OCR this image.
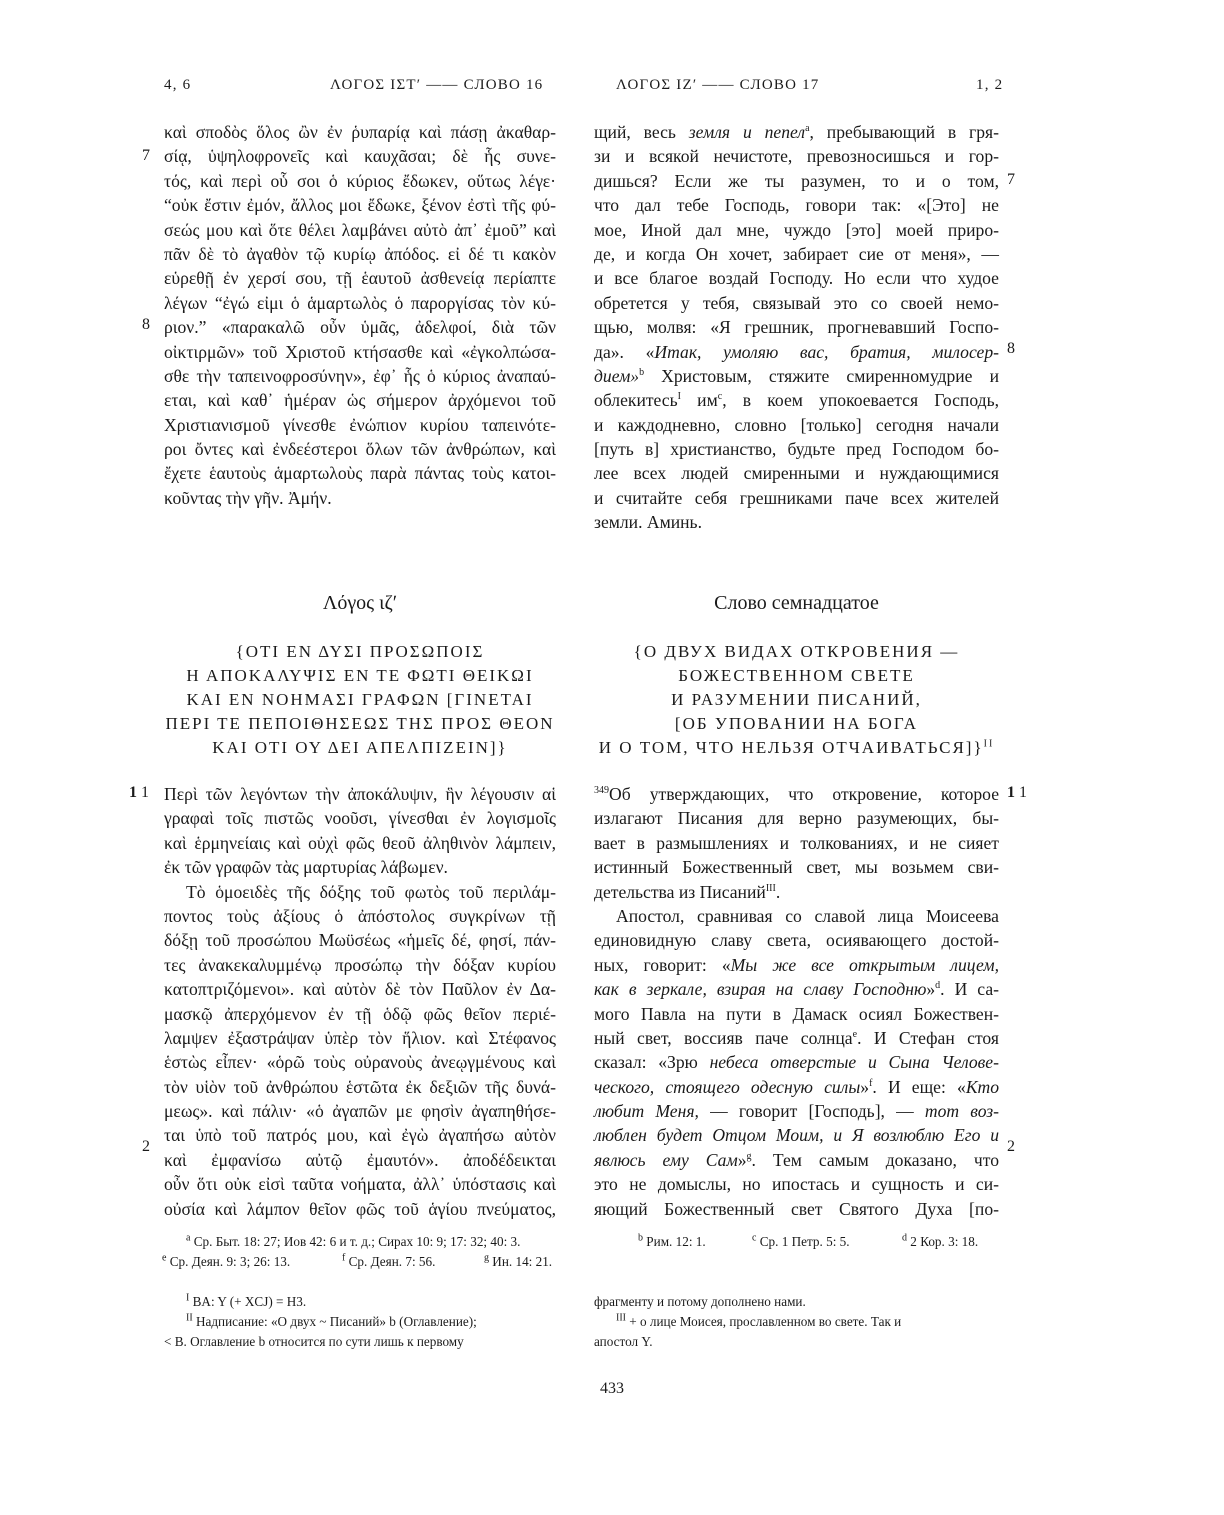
4, 6	ΛΟΓΟΣ ΙΣΤʹ —— СЛОВО 16	ΛΟΓΟΣ ΙΖʹ —— СЛОВО 17	1, 2
καὶ σποδὸς ὅλος ὢν ἐν ῥυπαρίᾳ καὶ πάσῃ ἀκαθαρ-
σίᾳ, ὑψηλοφρονεῖς καὶ καυχᾶσαι; δὲ ἧς συνε-
τός, καὶ περὶ οὗ σοι ὁ κύριος ἔδωκεν, οὕτως λέγε·
“οὐκ ἔστιν ἐμόν, ἄλλος μοι ἔδωκε, ξένον ἐστὶ τῆς φύ-
σεώς μου καὶ ὅτε θέλει λαμβάνει αὐτὸ ἀπ᾿ ἐμοῦ” καὶ
πᾶν δὲ τὸ ἀγαθὸν τῷ κυρίῳ ἀπόδος. εἰ δέ τι κακὸν
εὑρεθῇ ἐν χερσί σου, τῇ ἑαυτοῦ ἀσθενείᾳ περίαπτε
λέγων “ἐγώ εἰμι ὁ ἁμαρτωλὸς ὁ παροργίσας τὸν κύ-
ριον.” «παρακαλῶ οὖν ὑμᾶς, ἀδελφοί, διὰ τῶν
οἰκτιρμῶν» τοῦ Χριστοῦ κτήσασθε καὶ «ἐγκολπώσα-
σθε τὴν ταπεινοφροσύνην», ἐφ᾿ ἧς ὁ κύριος ἀναπαύ-
εται, καὶ καθ᾿ ἡμέραν ὡς σήμερον ἀρχόμενοι τοῦ
Χριστιανισμοῦ γίνεσθε ἐνώπιον κυρίου ταπεινότε-
ροι ὄντες καὶ ἐνδεέστεροι ὅλων τῶν ἀνθρώπων, καὶ
ἔχετε ἑαυτοὺς ἁμαρτωλοὺς παρὰ πάντας τοὺς κατοι-
κοῦντας τὴν γῆν. Ἀμήν.
7
8
7
8
щий, весь земля и пепел$^a$, пребывающий в гря-
зи и всякой нечистоте, превозносишься и гор-
дишься? Если же ты разумен, то и о том,
что дал тебе Господь, говори так: «[Это] не
мое, Иной дал мне, чуждо [это] моей приро-
де, и когда Он хочет, забирает сие от меня», —
и все благое воздай Господу. Но если что худое
обретется у тебя, связывай это со своей немо-
щью, молвя: «Я грешник, прогневавший Госпо-
да». «Итак, умоляю вас, братия, милосер-
дием»$^b$ Христовым, стяжите смиренномудрие и
облекитесь$^I$ $им^c$, в коем упокоевается Господь,
и каждодневно, словно [только] сегодня начали
[путь в] христианство, будьте пред Господом бо-
лее всех людей смиренными и нуждающимися
и считайте себя грешниками паче всех жителей
земли. Аминь.
Λόγος ιζʹ	Слово семнадцатое
{ΟΤΙ ΕΝ ΔΥΣΙ ΠΡΟΣΩΠΟΙΣ
Η ΑΠΟΚΑΛΥΨΙΣ ΕΝ ΤΕ ΦΩΤΙ ΘΕΙΚΩΙ
ΚΑΙ ΕΝ ΝΟΗΜΑΣΙ ΓΡΑΦΩΝ [ΓΙΝΕΤΑΙ
ΠΕΡΙ ΤΕ ΠΕΠΟΙΘΗΣΕΩΣ ΤΗΣ ΠΡΟΣ ΘΕΟΝ
ΚΑΙ ΟΤΙ ΟΥ ΔΕΙ ΑΠΕΛΠΙΖΕΙΝ]}
{О ДВУХ ВИДАХ ОТКРОВЕНИЯ —
БОЖЕСТВЕННОМ СВЕТЕ
И РАЗУМЕНИИ ПИСАНИЙ,
[ОБ УПОВАНИИ НА БОГА
И О ТОМ, ЧТО НЕЛЬЗЯ ОТЧАИВАТЬСЯ]}$^{II}$
1 1	1 1
2	2
Περὶ τῶν λεγόντων τὴν ἀποκάλυψιν, ἣν λέγουσιν αἱ
γραφαὶ τοῖς πιστῶς νοοῦσι, γίνεσθαι ἐν λογισμοῖς
καὶ ἑρμηνείαις καὶ οὐχὶ φῶς θεοῦ ἀληθινὸν λάμπειν,
ἐκ τῶν γραφῶν τὰς μαρτυρίας λάβωμεν.
Τὸ ὁμοειδὲς τῆς δόξης τοῦ φωτὸς τοῦ περιλάμ-
ποντος τοὺς ἀξίους ὁ ἀπόστολος συγκρίνων τῇ
δόξῃ τοῦ προσώπου Μωϋσέως «ἡμεῖς δέ, φησί, πάν-
τες ἀνακεκαλυμμένῳ προσώπῳ τὴν δόξαν κυρίου
κατοπτριζόμενοι». καὶ αὐτὸν δὲ τὸν Παῦλον ἐν Δα-
μασκῷ ἀπερχόμενον ἐν τῇ ὁδῷ φῶς θεῖον περιέ-
λαμψεν ἐξαστράψαν ὑπὲρ τὸν ἥλιον. καὶ Στέφανος
ἑστὼς εἶπεν· «ὁρῶ τοὺς οὐρανοὺς ἀνεῳγμένους καὶ
τὸν υἱὸν τοῦ ἀνθρώπου ἑστῶτα ἐκ δεξιῶν τῆς δυνά-
μεως». καὶ πάλιν· «ὁ ἀγαπῶν με φησὶν ἀγαπηθήσε-
ται ὑπὸ τοῦ πατρός μου, καὶ ἐγὼ ἀγαπήσω αὐτὸν
καὶ ἐμφανίσω αὐτῷ ἐμαυτόν». ἀποδέδεικται
οὖν ὅτι οὐκ εἰσὶ ταῦτα νοήματα, ἀλλ᾿ ὑπόστασις καὶ
οὐσία καὶ λάμπον θεῖον φῶς τοῦ ἁγίου πνεύματος,
$^{349}$Об утверждающих, что откровение, которое
излагают Писания для верно разумеющих, бы-
вает в размышлениях и толкованиях, и не сияет
истинный Божественный свет, мы возьмем сви-
детельства из Писаний$^{III}$.
Апостол, сравнивая со славой лица Моисеева
единовидную славу света, осиявающего достой-
ных, говорит: «Мы же все открытым лицем,
как в зеркале, взирая на славу Господню»$^d$. И са-
мого Павла на пути в Дамаск осиял Божествен-
ный свет, воссияв паче солнца$^e$. И Стефан стоя
сказал: «Зрю небеса отверстые и Сына Челове-
ческого, стоящего одесную силы»$^f$. И еще: «Кто
любит Меня, — говорит [Господь], — тот воз-
люблен будет Отцом Моим, и Я возлюблю Его и
явлюсь ему Сам»$^g$. Тем самым доказано, что
это не домыслы, но ипостась и сущность и си-
яющий Божественный свет Святого Духа [по-
$^a$ Ср. Быт. 18: 27; Иов 42: 6 и т. д.; Сирах 10: 9; 17: 32; 40: 3.	$^b$ Рим. 12: 1.	$^c$ Ср. 1 Петр. 5: 5.	$^d$ 2 Кор. 3: 18.
$^e$ Ср. Деян. 9: 3; 26: 13.	$^f$ Ср. Деян. 7: 56.	$^g$ Ин. 14: 21.
$^I$ BA: Y (+ XCJ) = H3.
$^{II}$ Надписание: «О двух ~ Писаний» b (Оглавление);
< B. Оглавление b относится по сути лишь к первому
фрагменту и потому дополнено нами.
$^{III}$ + о лице Моисея, прославленном во свете. Так и
апостол Y.
433
